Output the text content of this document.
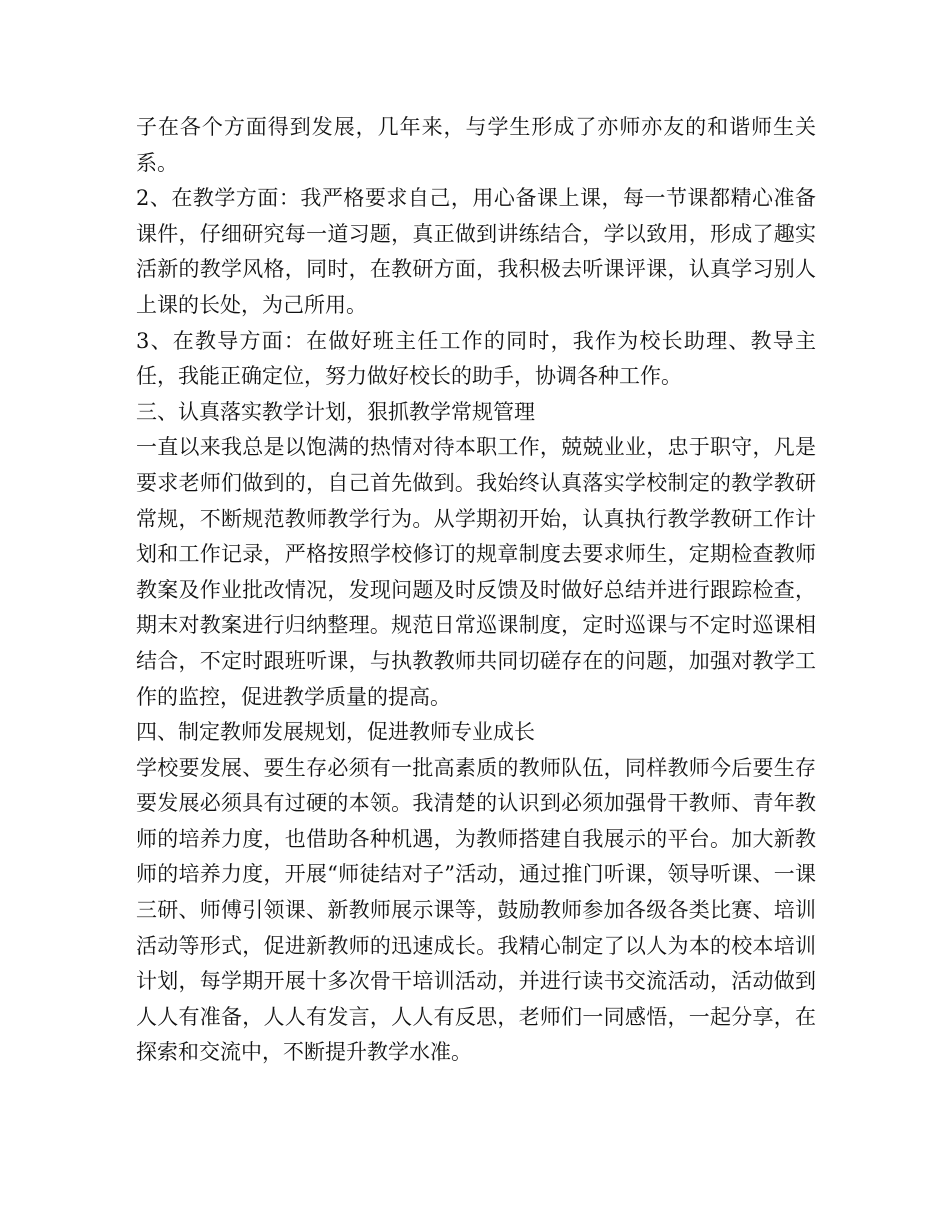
子在各个方面得到发展，几年来，与学生形成了亦师亦友的和谐师生关系。

2、在教学方面：我严格要求自己，用心备课上课，每一节课都精心准备课件，仔细研究每一道习题，真正做到讲练结合，学以致用，形成了趣实活新的教学风格，同时，在教研方面，我积极去听课评课，认真学习别人上课的长处，为己所用。

3、在教导方面：在做好班主任工作的同时，我作为校长助理、教导主任，我能正确定位，努力做好校长的助手，协调各种工作。

三、认真落实教学计划，狠抓教学常规管理

一直以来我总是以饱满的热情对待本职工作，兢兢业业，忠于职守，凡是要求老师们做到的，自己首先做到。我始终认真落实学校制定的教学教研常规，不断规范教师教学行为。从学期初开始，认真执行教学教研工作计划和工作记录，严格按照学校修订的规章制度去要求师生，定期检查教师教案及作业批改情况，发现问题及时反馈及时做好总结并进行跟踪检查，期末对教案进行归纳整理。规范日常巡课制度，定时巡课与不定时巡课相结合，不定时跟班听课，与执教教师共同切磋存在的问题，加强对教学工作的监控，促进教学质量的提高。

四、制定教师发展规划，促进教师专业成长

学校要发展、要生存必须有一批高素质的教师队伍，同样教师今后要生存要发展必须具有过硬的本领。我清楚的认识到必须加强骨干教师、青年教师的培养力度，也借助各种机遇，为教师搭建自我展示的平台。加大新教师的培养力度，开展“师徒结对子”活动，通过推门听课，领导听课、一课三研、师傅引领课、新教师展示课等，鼓励教师参加各级各类比赛、培训活动等形式，促进新教师的迅速成长。我精心制定了以人为本的校本培训计划，每学期开展十多次骨干培训活动，并进行读书交流活动，活动做到人人有准备，人人有发言，人人有反思，老师们一同感悟，一起分享，在探索和交流中，不断提升教学水准。
